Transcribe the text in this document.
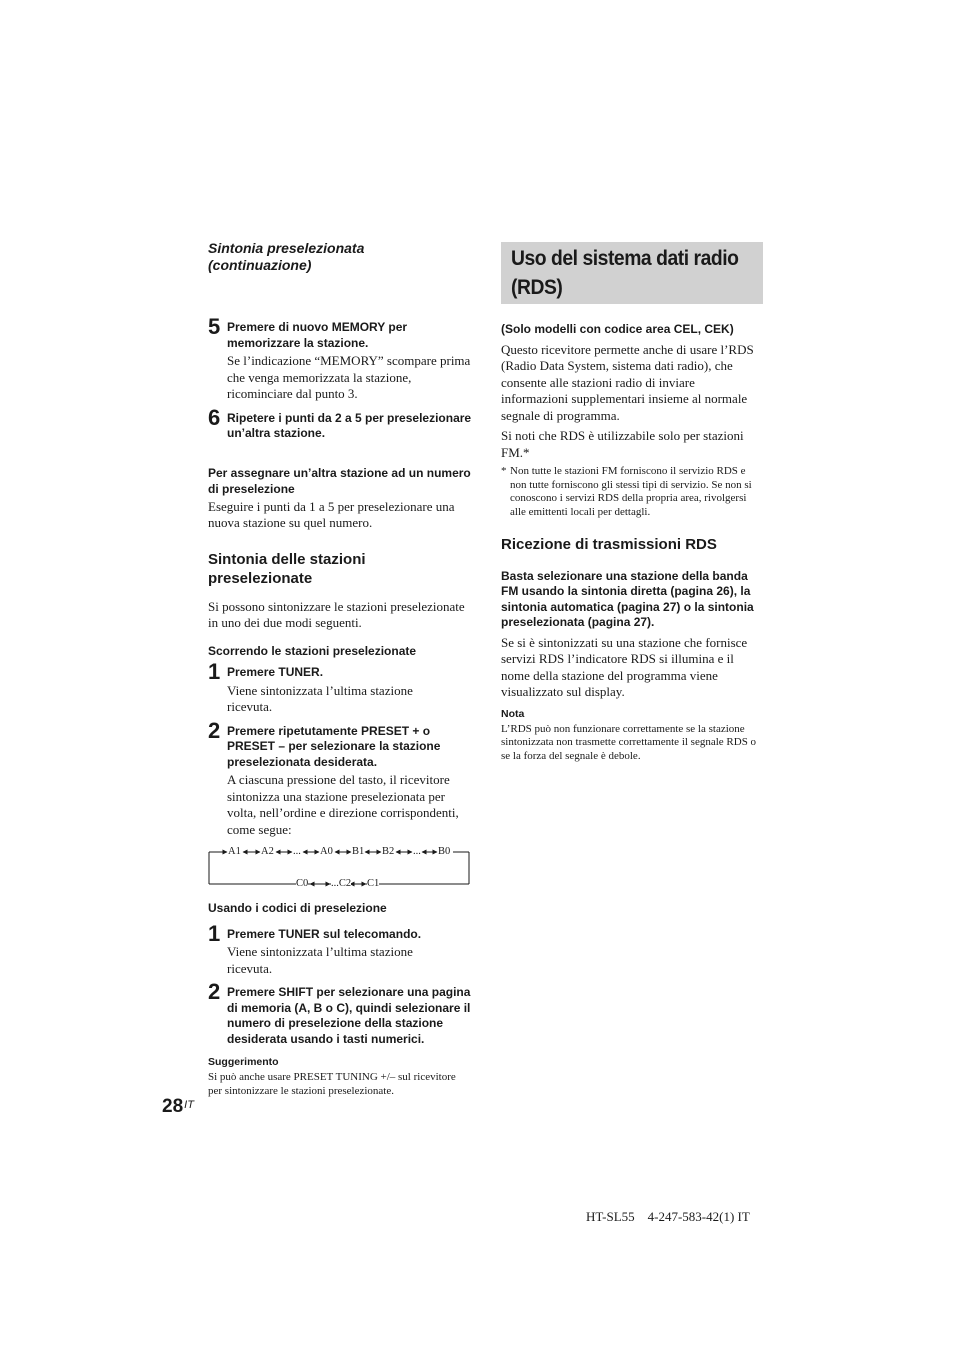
Sintonia preselezionata (continuazione)

5 Premere di nuovo MEMORY per memorizzare la stazione.

Se l’indicazione “MEMORY” scompare prima che venga memorizzata la stazione, ricominciare dal punto 3.

6 Ripetere i punti da 2 a 5 per preselezionare un’altra stazione.

Per assegnare un’altra stazione ad un numero di preselezione

Eseguire i punti da 1 a 5 per preselezionare una nuova stazione su quel numero.

Sintonia delle stazioni preselezionate

Si possono sintonizzare le stazioni preselezionate in uno dei due modi seguenti.

Scorrendo le stazioni preselezionate

1 Premere TUNER.

Viene sintonizzata l’ultima stazione ricevuta.

2 Premere ripetutamente PRESET + o PRESET – per selezionare la stazione preselezionata desiderata.

A ciascuna pressione del tasto, il ricevitore sintonizza una stazione preselezionata per volta, nell’ordine e direzione corrispondenti, come segue:

A1 A2 ... A0 B1 B2 ... B0
C0 ...C2 C1

Usando i codici di preselezione

1 Premere TUNER sul telecomando.

Viene sintonizzata l’ultima stazione ricevuta.

2 Premere SHIFT per selezionare una pagina di memoria (A, B o C), quindi selezionare il numero di preselezione della stazione desiderata usando i tasti numerici.

Suggerimento

Si può anche usare PRESET TUNING +/– sul ricevitore per sintonizzare le stazioni preselezionate.

Uso del sistema dati radio (RDS)

(Solo modelli con codice area CEL, CEK)

Questo ricevitore permette anche di usare l’RDS (Radio Data System, sistema dati radio), che consente alle stazioni radio di inviare informazioni supplementari insieme al normale segnale di programma.

Si noti che RDS è utilizzabile solo per stazioni FM.*

* Non tutte le stazioni FM forniscono il servizio RDS e non tutte forniscono gli stessi tipi di servizio. Se non si conoscono i servizi RDS della propria area, rivolgersi alle emittenti locali per dettagli.
Ricezione di trasmissioni RDS

Basta selezionare una stazione della banda FM usando la sintonia diretta (pagina 26), la sintonia automatica (pagina 27) o la sintonia preselezionata (pagina 27).

Se si è sintonizzati su una stazione che fornisce servizi RDS l’indicatore RDS si illumina e il nome della stazione del programma viene visualizzato sul display.

Nota

L’RDS può non funzionare correttamente se la stazione sintonizzata non trasmette correttamente il segnale RDS o se la forza del segnale è debole.

$28^{IT}$
HT-SL55    4-247-583-42(1) IT
